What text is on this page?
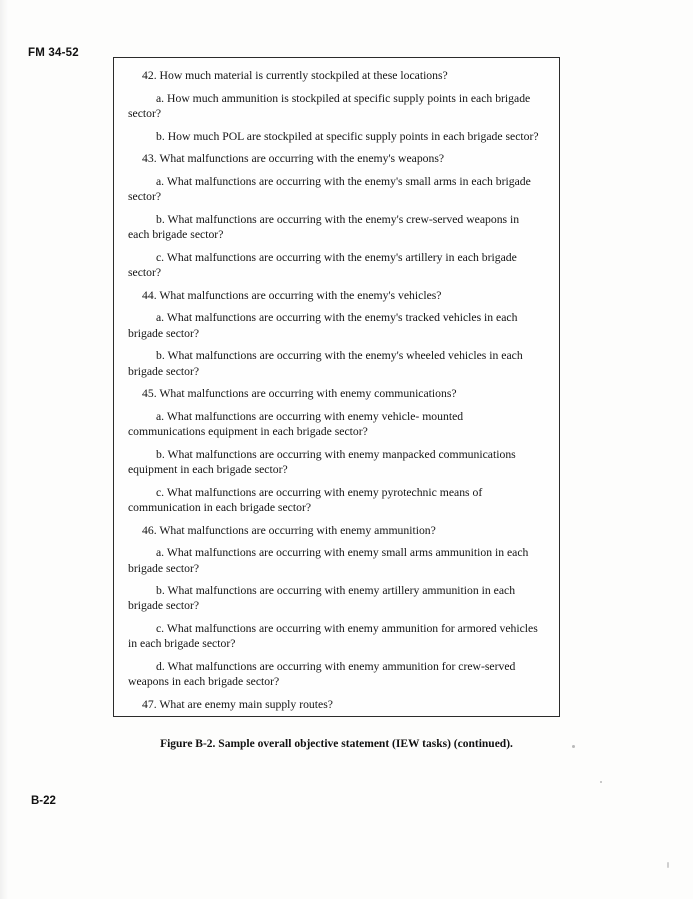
FM 34-52

42. How much material is currently stockpiled at these locations?

a. How much ammunition is stockpiled at specific supply points in each brigade sector?

b. How much POL are stockpiled at specific supply points in each brigade sector?

43. What malfunctions are occurring with the enemy's weapons?

a. What malfunctions are occurring with the enemy's small arms in each brigade sector?

b. What malfunctions are occurring with the enemy's crew-served weapons in each brigade sector?

c. What malfunctions are occurring with the enemy's artillery in each brigade sector?

44. What malfunctions are occurring with the enemy's vehicles?

a. What malfunctions are occurring with the enemy's tracked vehicles in each brigade sector?

b. What malfunctions are occurring with the enemy's wheeled vehicles in each brigade sector?

45. What malfunctions are occurring with enemy communications?

a. What malfunctions are occurring with enemy vehicle- mounted communications equipment in each brigade sector?

b. What malfunctions are occurring with enemy manpacked communications equipment in each brigade sector?

c. What malfunctions are occurring with enemy pyrotechnic means of communication in each brigade sector?

46. What malfunctions are occurring with enemy ammunition?

a. What malfunctions are occurring with enemy small arms ammunition in each brigade sector?

b. What malfunctions are occurring with enemy artillery ammunition in each brigade sector?

c. What malfunctions are occurring with enemy ammunition for armored vehicles in each brigade sector?

d. What malfunctions are occurring with enemy ammunition for crew-served weapons in each brigade sector?

47. What are enemy main supply routes?

Figure B-2. Sample overall objective statement (IEW tasks) (continued).
B-22
